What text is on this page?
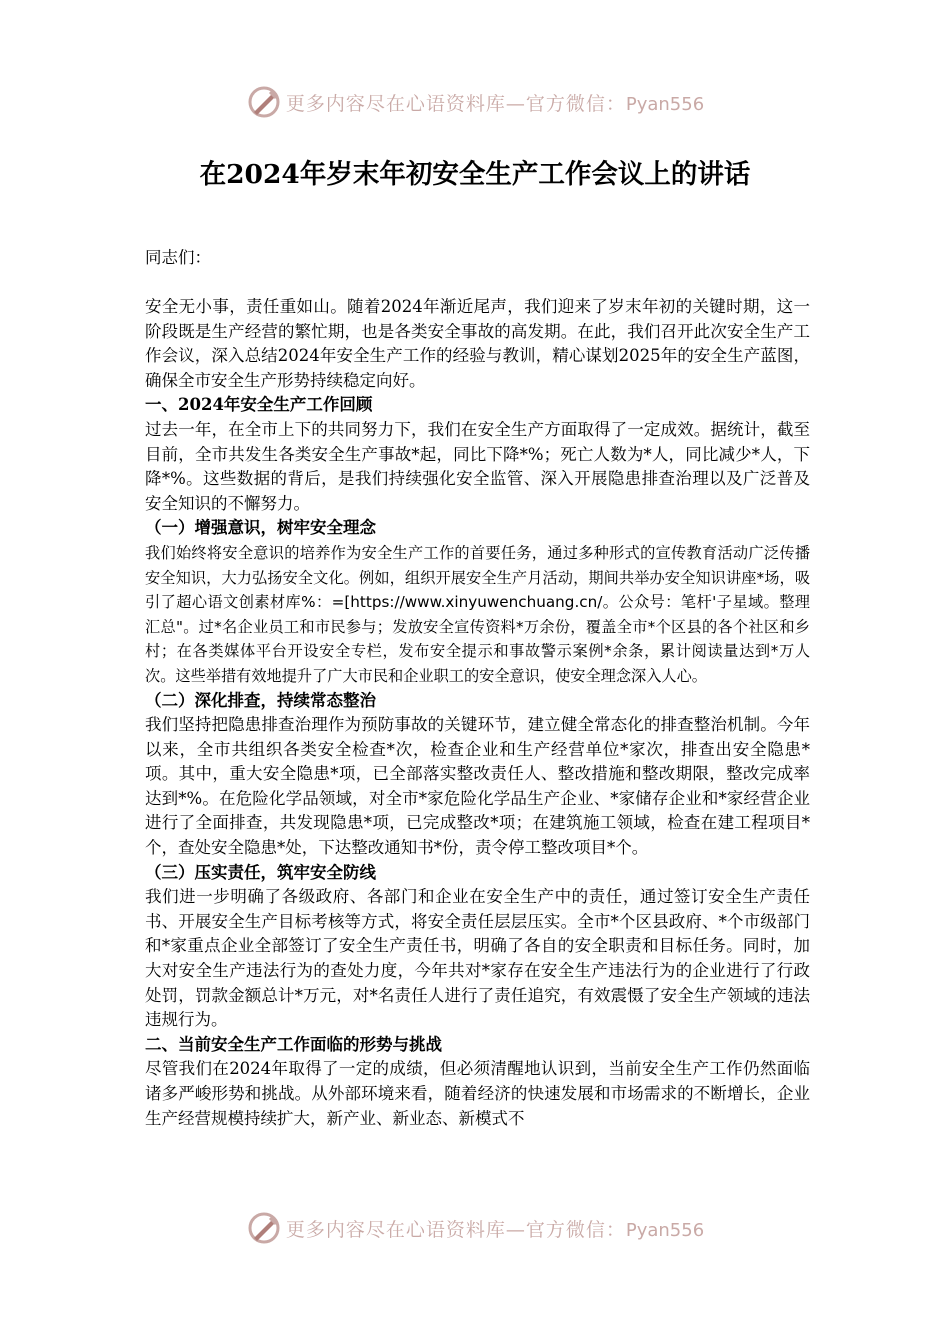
更多内容尽在心语资料库—官方微信：Pyan556
在2024年岁末年初安全生产工作会议上的讲话
同志们：

安全无小事，责任重如山。随着2024年渐近尾声，我们迎来了岁末年初的关键时期，这一阶段既是生产经营的繁忙期，也是各类安全事故的高发期。在此，我们召开此次安全生产工作会议，深入总结2024年安全生产工作的经验与教训，精心谋划2025年的安全生产蓝图，确保全市安全生产形势持续稳定向好。

一、2024年安全生产工作回顾

过去一年，在全市上下的共同努力下，我们在安全生产方面取得了一定成效。据统计，截至目前，全市共发生各类安全生产事故*起，同比下降*%；死亡人数为*人，同比减少*人，下降*%。这些数据的背后，是我们持续强化安全监管、深入开展隐患排查治理以及广泛普及安全知识的不懈努力。

（一）增强意识，树牢安全理念

我们始终将安全意识的培养作为安全生产工作的首要任务，通过多种形式的宣传教育活动广泛传播安全知识，大力弘扬安全文化。例如，组织开展安全生产月活动，期间共举办安全知识讲座*场，吸引了超心语文创素材库%：=[https://www.xinyuwenchuang.cn/。公众号：笔杆'子星域。整理汇总"。过*名企业员工和市民参与；发放安全宣传资料*万余份，覆盖全市*个区县的各个社区和乡村；在各类媒体平台开设安全专栏，发布安全提示和事故警示案例*余条，累计阅读量达到*万人次。这些举措有效地提升了广大市民和企业职工的安全意识，使安全理念深入人心。

（二）深化排查，持续常态整治

我们坚持把隐患排查治理作为预防事故的关键环节，建立健全常态化的排查整治机制。今年以来，全市共组织各类安全检查*次，检查企业和生产经营单位*家次，排查出安全隐患*项。其中，重大安全隐患*项，已全部落实整改责任人、整改措施和整改期限，整改完成率达到*%。在危险化学品领域，对全市*家危险化学品生产企业、*家储存企业和*家经营企业进行了全面排查，共发现隐患*项，已完成整改*项；在建筑施工领域，检查在建工程项目*个，查处安全隐患*处，下达整改通知书*份，责令停工整改项目*个。

（三）压实责任，筑牢安全防线

我们进一步明确了各级政府、各部门和企业在安全生产中的责任，通过签订安全生产责任书、开展安全生产目标考核等方式，将安全责任层层压实。全市*个区县政府、*个市级部门和*家重点企业全部签订了安全生产责任书，明确了各自的安全职责和目标任务。同时，加大对安全生产违法行为的查处力度，今年共对*家存在安全生产违法行为的企业进行了行政处罚，罚款金额总计*万元，对*名责任人进行了责任追究，有效震慑了安全生产领域的违法违规行为。

二、当前安全生产工作面临的形势与挑战

尽管我们在2024年取得了一定的成绩，但必须清醒地认识到，当前安全生产工作仍然面临诸多严峻形势和挑战。从外部环境来看，随着经济的快速发展和市场需求的不断增长，企业生产经营规模持续扩大，新产业、新业态、新模式不

更多内容尽在心语资料库—官方微信：Pyan556
